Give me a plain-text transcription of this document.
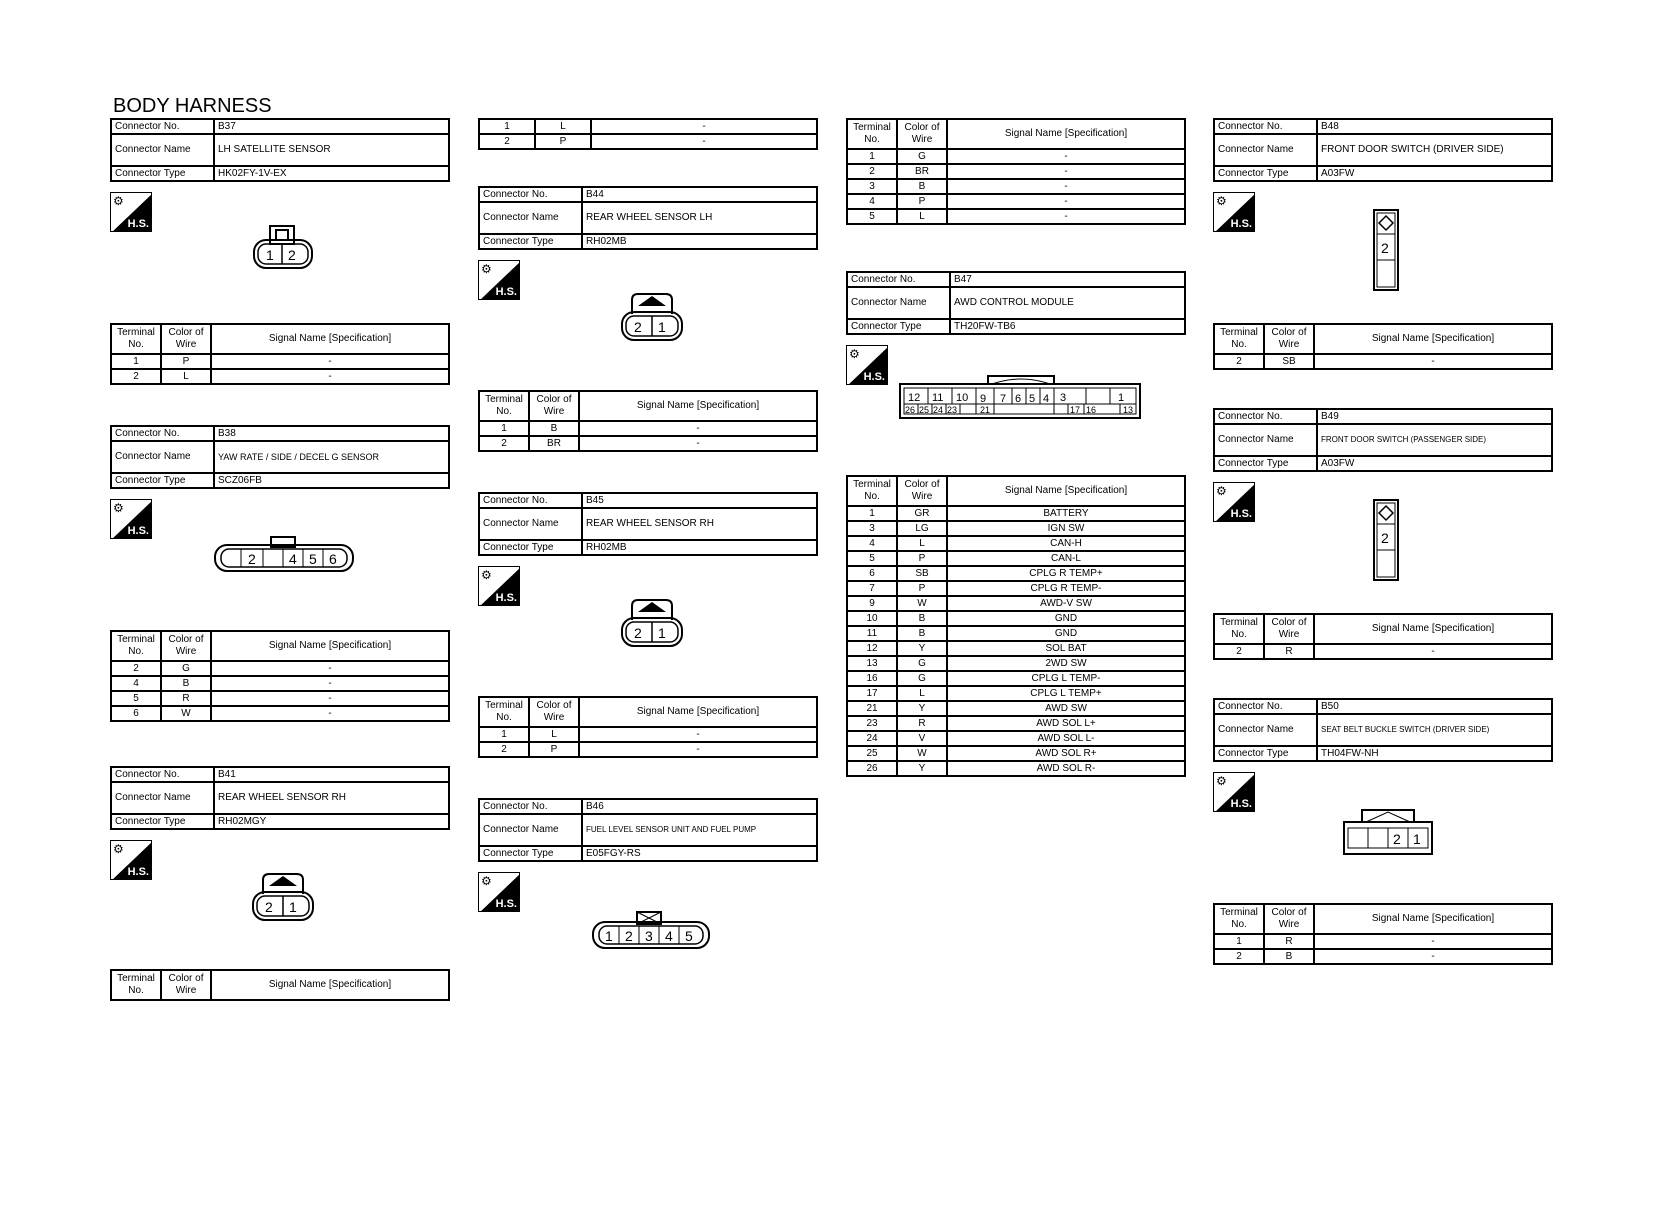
BODY HARNESS
Connector No.	B37
Connector Name	LH SATELLITE SENSOR
Connector Type	HK02FY-1V-EX
⚙
H.S.
1 2
Terminal No.	Color of Wire	Signal Name [Specification]
1	P	-
2	L	-
Connector No.	B38
Connector Name	YAW RATE / SIDE / DECEL G SENSOR
Connector Type	SCZ06FB
⚙
H.S.
2 4 5 6
Terminal No.	Color of Wire	Signal Name [Specification]
2	G	-
4	B	-
5	R	-
6	W	-
Connector No.	B41
Connector Name	REAR WHEEL SENSOR RH
Connector Type	RH02MGY
⚙
H.S.
2 1
Terminal No.	Color of Wire	Signal Name [Specification]
1	L	-
2	P	-
Connector No.	B44
Connector Name	REAR WHEEL SENSOR LH
Connector Type	RH02MB
⚙
H.S.
2 1
Terminal No.	Color of Wire	Signal Name [Specification]
1	B	-
2	BR	-
Connector No.	B45
Connector Name	REAR WHEEL SENSOR RH
Connector Type	RH02MB
⚙
H.S.
2 1
Terminal No.	Color of Wire	Signal Name [Specification]
1	L	-
2	P	-
Connector No.	B46
Connector Name	FUEL LEVEL SENSOR UNIT AND FUEL PUMP
Connector Type	E05FGY-RS
⚙
H.S.
1 2 3 4 5
Terminal No.	Color of Wire	Signal Name [Specification]
1	G	-
2	BR	-
3	B	-
4	P	-
5	L	-
Connector No.	B47
Connector Name	AWD CONTROL MODULE
Connector Type	TH20FW-TB6
⚙
H.S.
12 11 10 9 7 6 5 4 3	1
26 25 24 23	21	17 16	13
Terminal No.	Color of Wire	Signal Name [Specification]
1	GR	BATTERY
3	LG	IGN SW
4	L	CAN-H
5	P	CAN-L
6	SB	CPLG R TEMP+
7	P	CPLG R TEMP-
9	W	AWD-V SW
10	B	GND
11	B	GND
12	Y	SOL BAT
13	G	2WD SW
16	G	CPLG L TEMP-
17	L	CPLG L TEMP+
21	Y	AWD SW
23	R	AWD SOL L+
24	V	AWD SOL L-
25	W	AWD SOL R+
26	Y	AWD SOL R-
Connector No.	B48
Connector Name	FRONT DOOR SWITCH (DRIVER SIDE)
Connector Type	A03FW
⚙
H.S.
2
Terminal No.	Color of Wire	Signal Name [Specification]
2	SB	-
Connector No.	B49
Connector Name	FRONT DOOR SWITCH (PASSENGER SIDE)
Connector Type	A03FW
⚙
H.S.
2
Terminal No.	Color of Wire	Signal Name [Specification]
2	R	-
Connector No.	B50
Connector Name	SEAT BELT BUCKLE SWITCH (DRIVER SIDE)
Connector Type	TH04FW-NH
⚙
H.S.
2 1
Terminal No.	Color of Wire	Signal Name [Specification]
1	R	-
2	B	-
